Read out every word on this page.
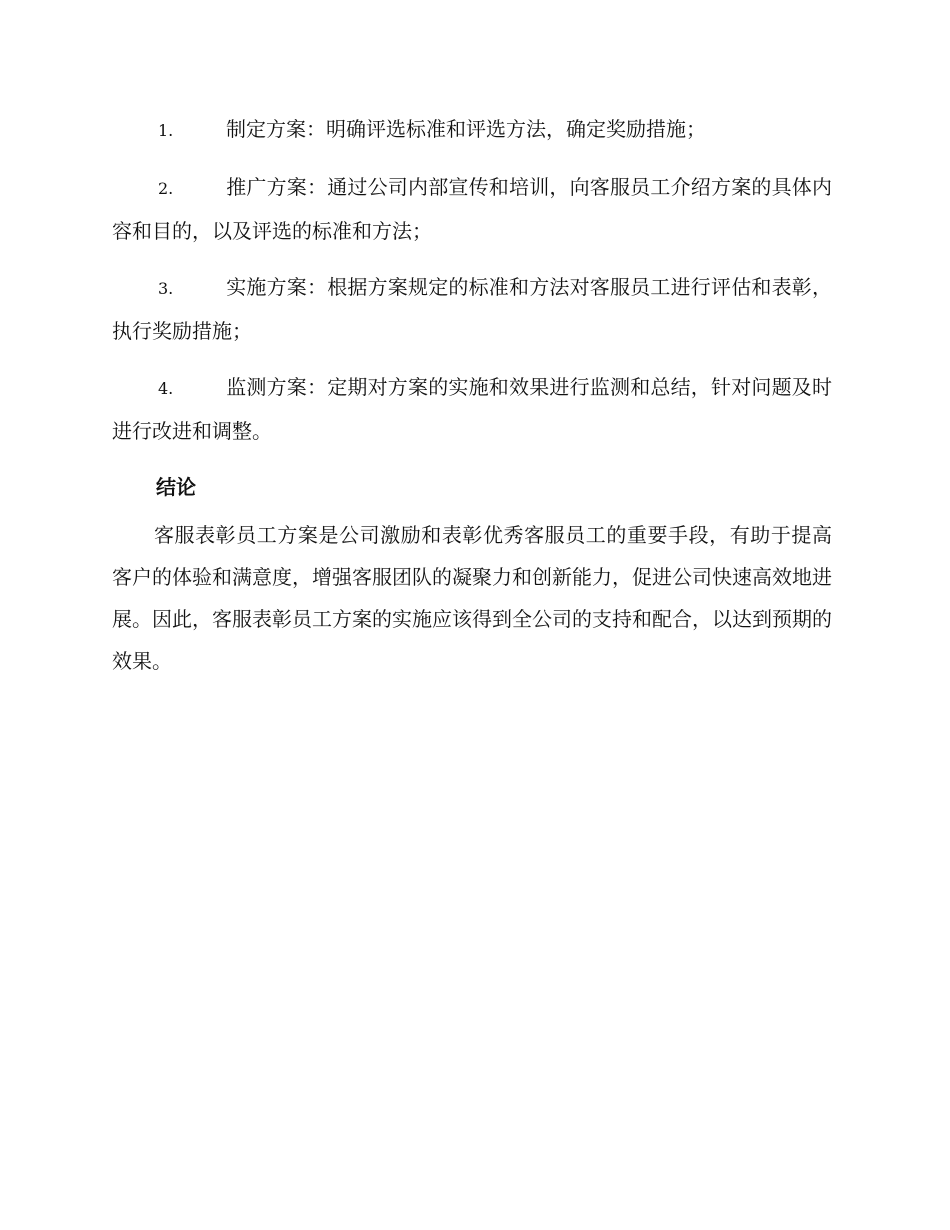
1.	制定方案：明确评选标准和评选方法，确定奖励措施；

2.	推广方案：通过公司内部宣传和培训，向客服员工介绍方案的具体内容和目的，以及评选的标准和方法；

3.	实施方案：根据方案规定的标准和方法对客服员工进行评估和表彰，执行奖励措施；

4.	监测方案：定期对方案的实施和效果进行监测和总结，针对问题及时进行改进和调整。

结论

客服表彰员工方案是公司激励和表彰优秀客服员工的重要手段，有助于提高客户的体验和满意度，增强客服团队的凝聚力和创新能力，促进公司快速高效地进展。因此，客服表彰员工方案的实施应该得到全公司的支持和配合，以达到预期的效果。
